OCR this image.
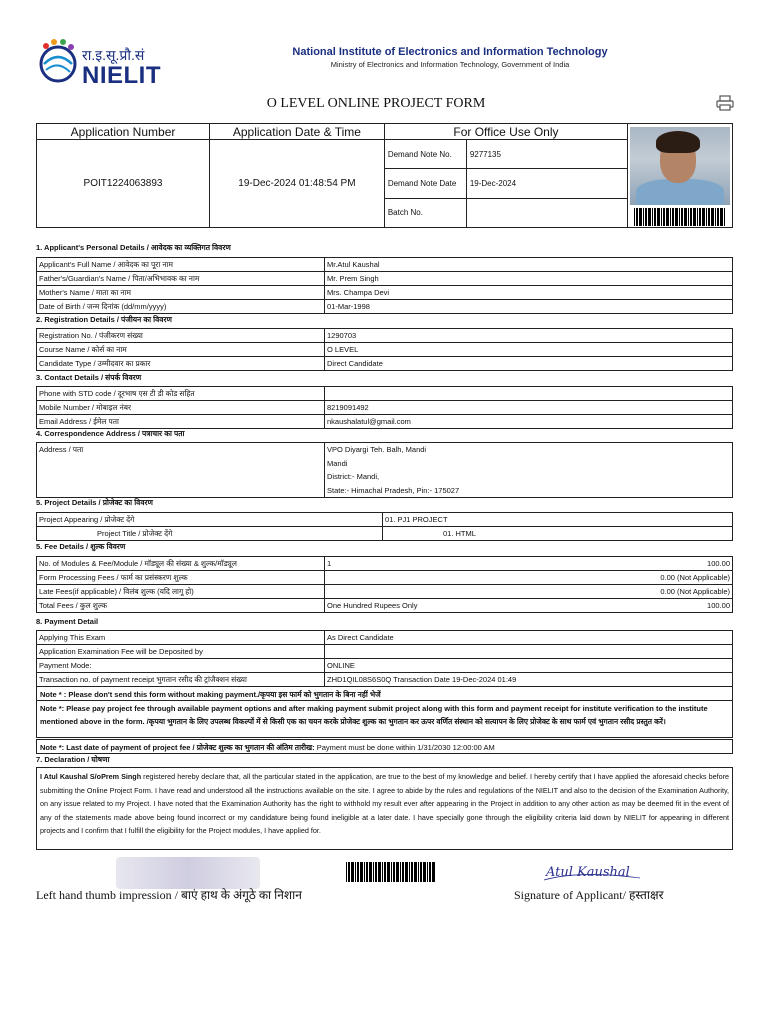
रा.इ.सू.प्रौ.सं
NIELIT
National Institute of Electronics and Information Technology
Ministry of Electronics and Information Technology, Government of India
O LEVEL ONLINE PROJECT FORM
Application Number	Application Date & Time	For Office Use Only	
POIT1224063893	19-Dec-2024 01:48:54 PM	
Demand Note No.	9277135
Demand Note Date	19-Dec-2024
Batch No.	

1. Applicant's Personal Details / आवेदक का व्यक्तिगत विवरण
Applicant's Full Name / आवेदक का पूरा नाम	Mr.Atul Kaushal
Father's/Guardian's Name / पिता/अभिभावक का नाम	Mr. Prem Singh
Mother's Name / माता का नाम	Mrs. Champa Devi
Date of Birth / जन्म दिनांक (dd/mm/yyyy)	01-Mar-1998
2. Registration Details / पंजीयन का विवरण
Registration No. / पंजीकरण संख्या	1290703
Course Name / कोर्स का नाम	O LEVEL
Candidate Type / उम्मीदवार का प्रकार	Direct Candidate
3. Contact Details / संपर्क विवरण
Phone with STD code / दूरभाष एस टी डी कोड सहित	
Mobile Number / मोबाइल नंबर	8219091492
Email Address / ईमेल पता	nkaushalatul@gmail.com
4. Correspondence Address / पत्राचार का पता
Address / पता	VPO Diyargi Teh. Balh, Mandi
Mandi
District:- Mandi,
State:- Himachal Pradesh, Pin:- 175027
5. Project Details / प्रोजेक्ट का विवरण
Project Appearing / प्रोजेक्ट देंगे	01. PJ1 PROJECT
Project Title / प्रोजेक्ट देंगे	01. HTML
5. Fee Details / शुल्क विवरण
No. of Modules & Fee/Module / मॉड्यूल की संख्या & शुल्क/मॉड्यूल	1	100.00
Form Processing Fees / फार्म का प्रसंस्करण शुल्क		0.00 (Not Applicable)
Late Fees(if applicable) / विलंब शुल्क (यदि लागू हो)		0.00 (Not Applicable)
Total Fees / कुल शुल्क	One Hundred Rupees Only	100.00
8. Payment Detail
Applying This Exam	As Direct Candidate
Application Examination Fee will be Deposited by	
Payment Mode:	ONLINE
Transaction no. of payment receipt भुगतान रसीद की ट्रांजैक्शन संख्या	ZHD1QIL08S6S0Q Transaction Date 19-Dec-2024 01:49
Note * : Please don't send this form without making payment./कृपया इस फार्म को भुगतान के बिना नहीं भेजें
Note *: Please pay project fee through available payment options and after making payment submit project along with this form and payment receipt for institute verification to the institute mentioned above in the form. /कृपया भुगतान के लिए उपलब्ध विकल्पों में से किसी एक का चयन करके प्रोजेक्ट शुल्क का भुगतान कर ऊपर वर्णित संस्थान को सत्यापन के लिए प्रोजेक्ट के साथ फार्म एवं भुगतान रसीद प्रस्तुत करें।
Note *: Last date of payment of project fee / प्रोजेक्ट शुल्क का भुगतान की अंतिम तारीख: Payment must be done within 1/31/2030 12:00:00 AM
7. Declaration / घोषणा
I Atul Kaushal S/oPrem Singh registered hereby declare that, all the particular stated in the application, are true to the best of my knowledge and belief. I hereby certify that I have applied the aforesaid checks before submitting the Online Project Form. I have read and understood all the instructions available on the site. I agree to abide by the rules and regulations of the NIELIT and also to the decision of the Examination Authority, on any issue related to my Project. I have noted that the Examination Authority has the right to withhold my result ever after appearing in the Project in addition to any other action as may be deemed fit in the event of any of the statements made above being found incorrect or my candidature being found ineligible at a later date. I have specially gone through the eligibility criteria laid down by NIELIT for appearing in different projects and I confirm that I fulfill the eligibility for the Project modules, I have applied for.
Atul Kaushal
Left hand thumb impression / बाएं हाथ के अंगूठे का निशान	Signature of Applicant/ हस्ताक्षर
